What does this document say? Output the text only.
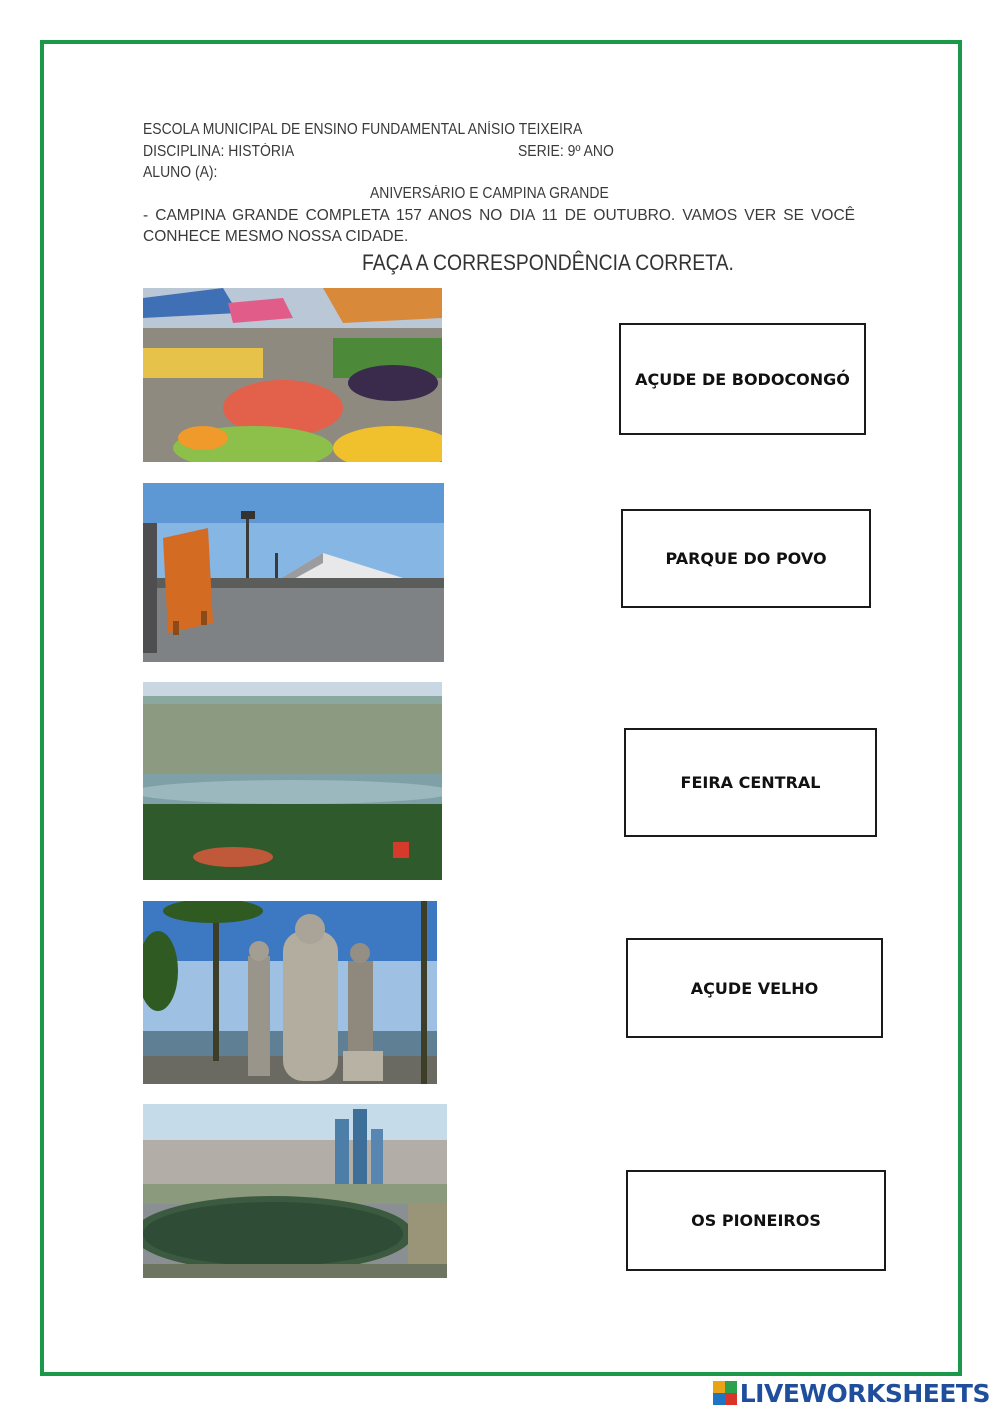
ESCOLA MUNICIPAL DE ENSINO FUNDAMENTAL ANÍSIO TEIXEIRA
DISCIPLINA: HISTÓRIA	SERIE: 9º ANO
ALUNO (A):
ANIVERSÁRIO E CAMPINA GRANDE
- CAMPINA GRANDE COMPLETA 157 ANOS NO DIA 11 DE OUTUBRO. VAMOS VER SE VOCÊ CONHECE MESMO NOSSA CIDADE.
FAÇA A CORRESPONDÊNCIA CORRETA.
AÇUDE DE BODOCONGÓ
PARQUE DO POVO
FEIRA CENTRAL
AÇUDE VELHO
OS PIONEIROS
LIVEWORKSHEETS
